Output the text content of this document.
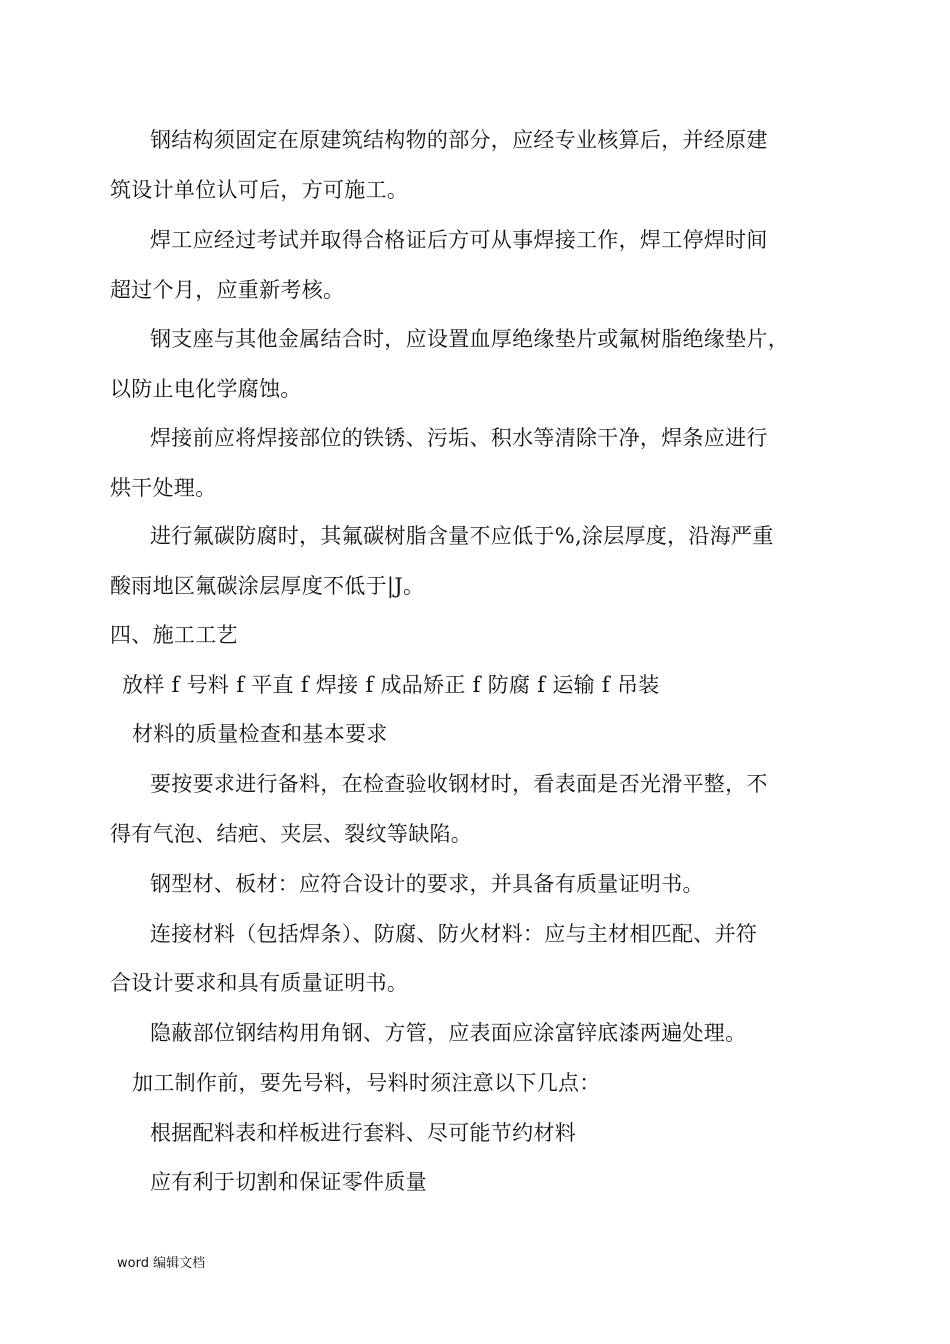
钢结构须固定在原建筑结构物的部分，应经专业核算后，并经原建
筑设计单位认可后，方可施工。
焊工应经过考试并取得合格证后方可从事焊接工作，焊工停焊时间
超过个月，应重新考核。
钢支座与其他金属结合时，应设置血厚绝缘垫片或氟树脂绝缘垫片，
以防止电化学腐蚀。
焊接前应将焊接部位的铁锈、污垢、积水等清除干净，焊条应进行
烘干处理。
进行氟碳防腐时，其氟碳树脂含量不应低于%,涂层厚度，沿海严重
酸雨地区氟碳涂层厚度不低于|J。
四、施工工艺
放样 f 号料 f 平直 f 焊接 f 成品矫正 f 防腐 f 运输 f 吊装
材料的质量检查和基本要求
要按要求进行备料，在检查验收钢材时，看表面是否光滑平整，不
得有气泡、结疤、夹层、裂纹等缺陷。
钢型材、板材：应符合设计的要求，并具备有质量证明书。
连接材料（包括焊条）、防腐、防火材料：应与主材相匹配、并符
合设计要求和具有质量证明书。
隐蔽部位钢结构用角钢、方管，应表面应涂富锌底漆两遍处理。
加工制作前，要先号料，号料时须注意以下几点：
根据配料表和样板进行套料、尽可能节约材料
应有利于切割和保证零件质量
word 编辑文档
